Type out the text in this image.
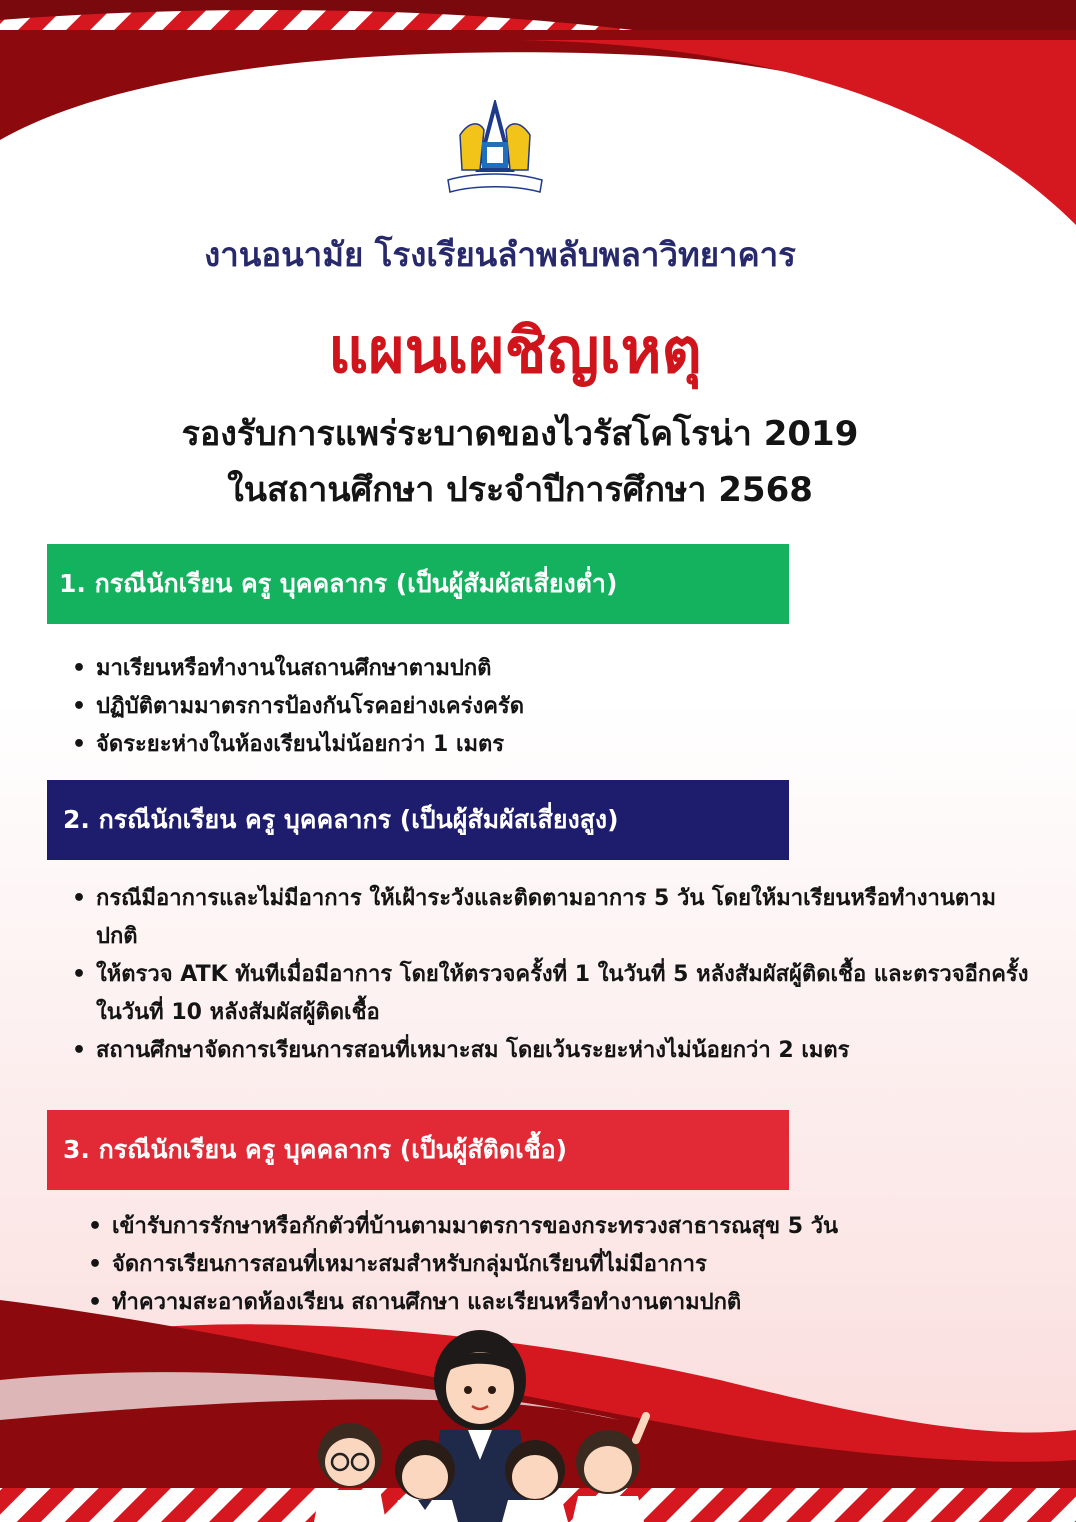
งานอนามัย โรงเรียนลำพลับพลาวิทยาคาร
แผนเผชิญเหตุ
รองรับการแพร่ระบาดของไวรัสโคโรน่า 2019
ในสถานศึกษา ประจำปีการศึกษา 2568
1. กรณีนักเรียน ครู บุคคลากร (เป็นผู้สัมผัสเสี่ยงต่ำ)
• มาเรียนหรือทำงานในสถานศึกษาตามปกติ
• ปฏิบัติตามมาตรการป้องกันโรคอย่างเคร่งครัด
• จัดระยะห่างในห้องเรียนไม่น้อยกว่า 1 เมตร
2. กรณีนักเรียน ครู บุคคลากร (เป็นผู้สัมผัสเสี่ยงสูง)
• กรณีมีอาการและไม่มีอาการ ให้เฝ้าระวังและติดตามอาการ 5 วัน โดยให้มาเรียนหรือทำงานตามปกติ
• ให้ตรวจ ATK ทันทีเมื่อมีอาการ โดยให้ตรวจครั้งที่ 1 ในวันที่ 5 หลังสัมผัสผู้ติดเชื้อ และตรวจอีกครั้งในวันที่ 10 หลังสัมผัสผู้ติดเชื้อ
• สถานศึกษาจัดการเรียนการสอนที่เหมาะสม โดยเว้นระยะห่างไม่น้อยกว่า 2 เมตร
3. กรณีนักเรียน ครู บุคคลากร (เป็นผู้สัติดเชื้อ)
• เข้ารับการรักษาหรือกักตัวที่บ้านตามมาตรการของกระทรวงสาธารณสุข 5 วัน
• จัดการเรียนการสอนที่เหมาะสมสำหรับกลุ่มนักเรียนที่ไม่มีอาการ
• ทำความสะอาดห้องเรียน สถานศึกษา และเรียนหรือทำงานตามปกติ
